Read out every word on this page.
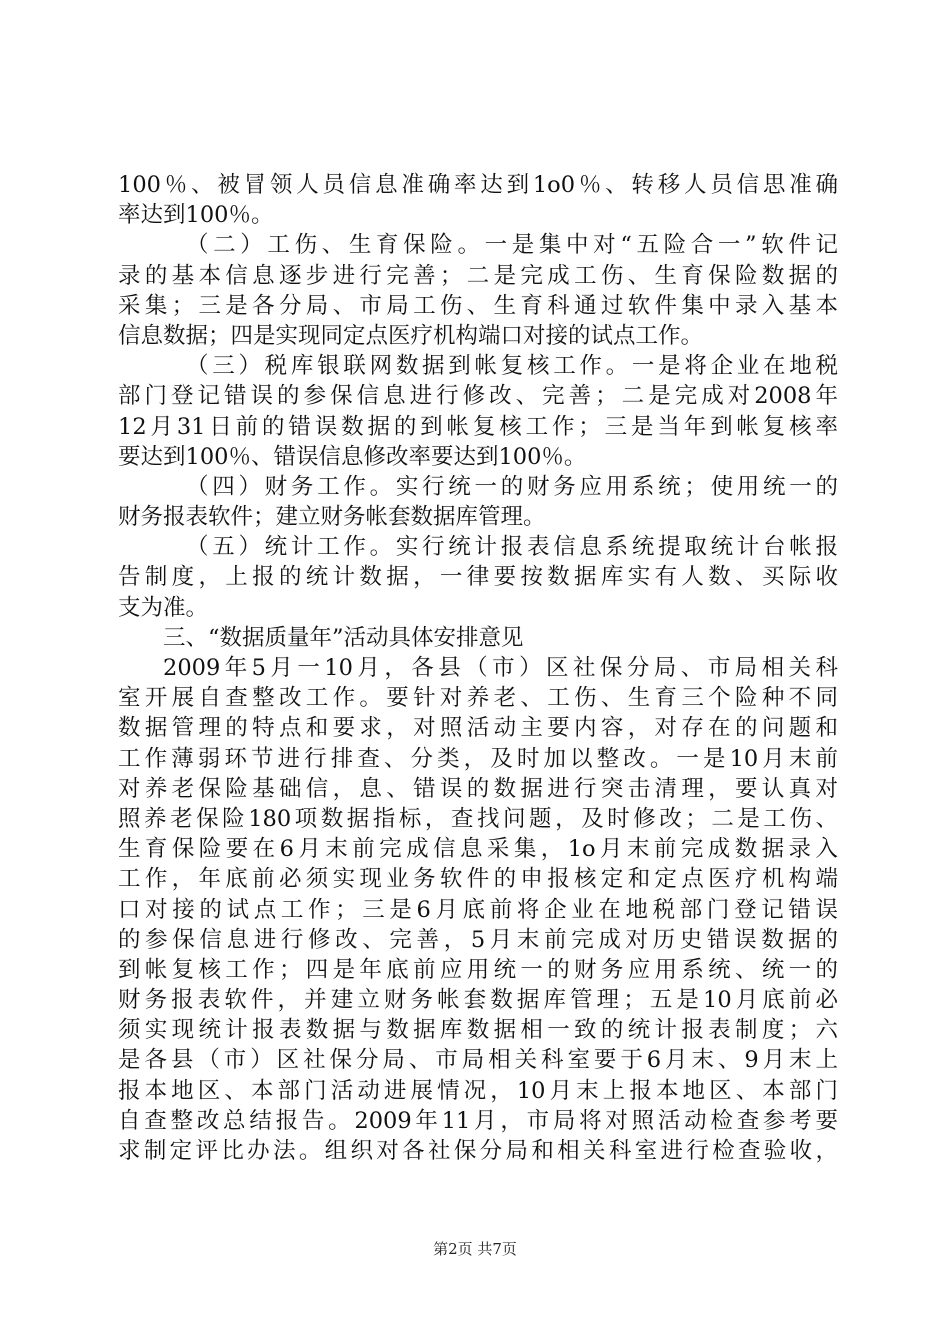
100％、被冒领人员信息准确率达到1o0％、转移人员信思准确
率达到100％。
（二）工伤、生育保险。一是集中对“五险合一”软件记
录的基本信息逐步进行完善；二是完成工伤、生育保险数据的
采集；三是各分局、市局工伤、生育科通过软件集中录入基本
信息数据；四是实现同定点医疗机构端口对接的试点工作。
（三）税库银联网数据到帐复核工作。一是将企业在地税
部门登记错误的参保信息进行修改、完善；二是完成对2008年
12月31日前的错误数据的到帐复核工作；三是当年到帐复核率
要达到100％、错误信息修改率要达到100％。
（四）财务工作。实行统一的财务应用系统；使用统一的
财务报表软件；建立财务帐套数据库管理。
（五）统计工作。实行统计报表信息系统提取统计台帐报
告制度，上报的统计数据，一律要按数据库实有人数、买际收
支为准。
三、“数据质量年”活动具体安排意见
2009年5月一10月，各县（市）区社保分局、市局相关科
室开展自查整改工作。要针对养老、工伤、生育三个险种不同
数据管理的特点和要求，对照活动主要内容，对存在的问题和
工作薄弱环节进行排查、分类，及时加以整改。一是10月末前
对养老保险基础信，息、错误的数据进行突击清理，要认真对
照养老保险180项数据指标，查找问题，及时修改；二是工伤、
生育保险要在6月末前完成信息采集，1o月末前完成数据录入
工作，年底前必须实现业务软件的申报核定和定点医疗机构端
口对接的试点工作；三是6月底前将企业在地税部门登记错误
的参保信息进行修改、完善，5月末前完成对历史错误数据的
到帐复核工作；四是年底前应用统一的财务应用系统、统一的
财务报表软件，并建立财务帐套数据库管理；五是10月底前必
须实现统计报表数据与数据库数据相一致的统计报表制度；六
是各县（市）区社保分局、市局相关科室要于6月末、9月末上
报本地区、本部门活动进展情况，10月末上报本地区、本部门
自查整改总结报告。2009年11月，市局将对照活动检查参考要
求制定评比办法。组织对各社保分局和相关科室进行检查验收，
第2页 共7页
